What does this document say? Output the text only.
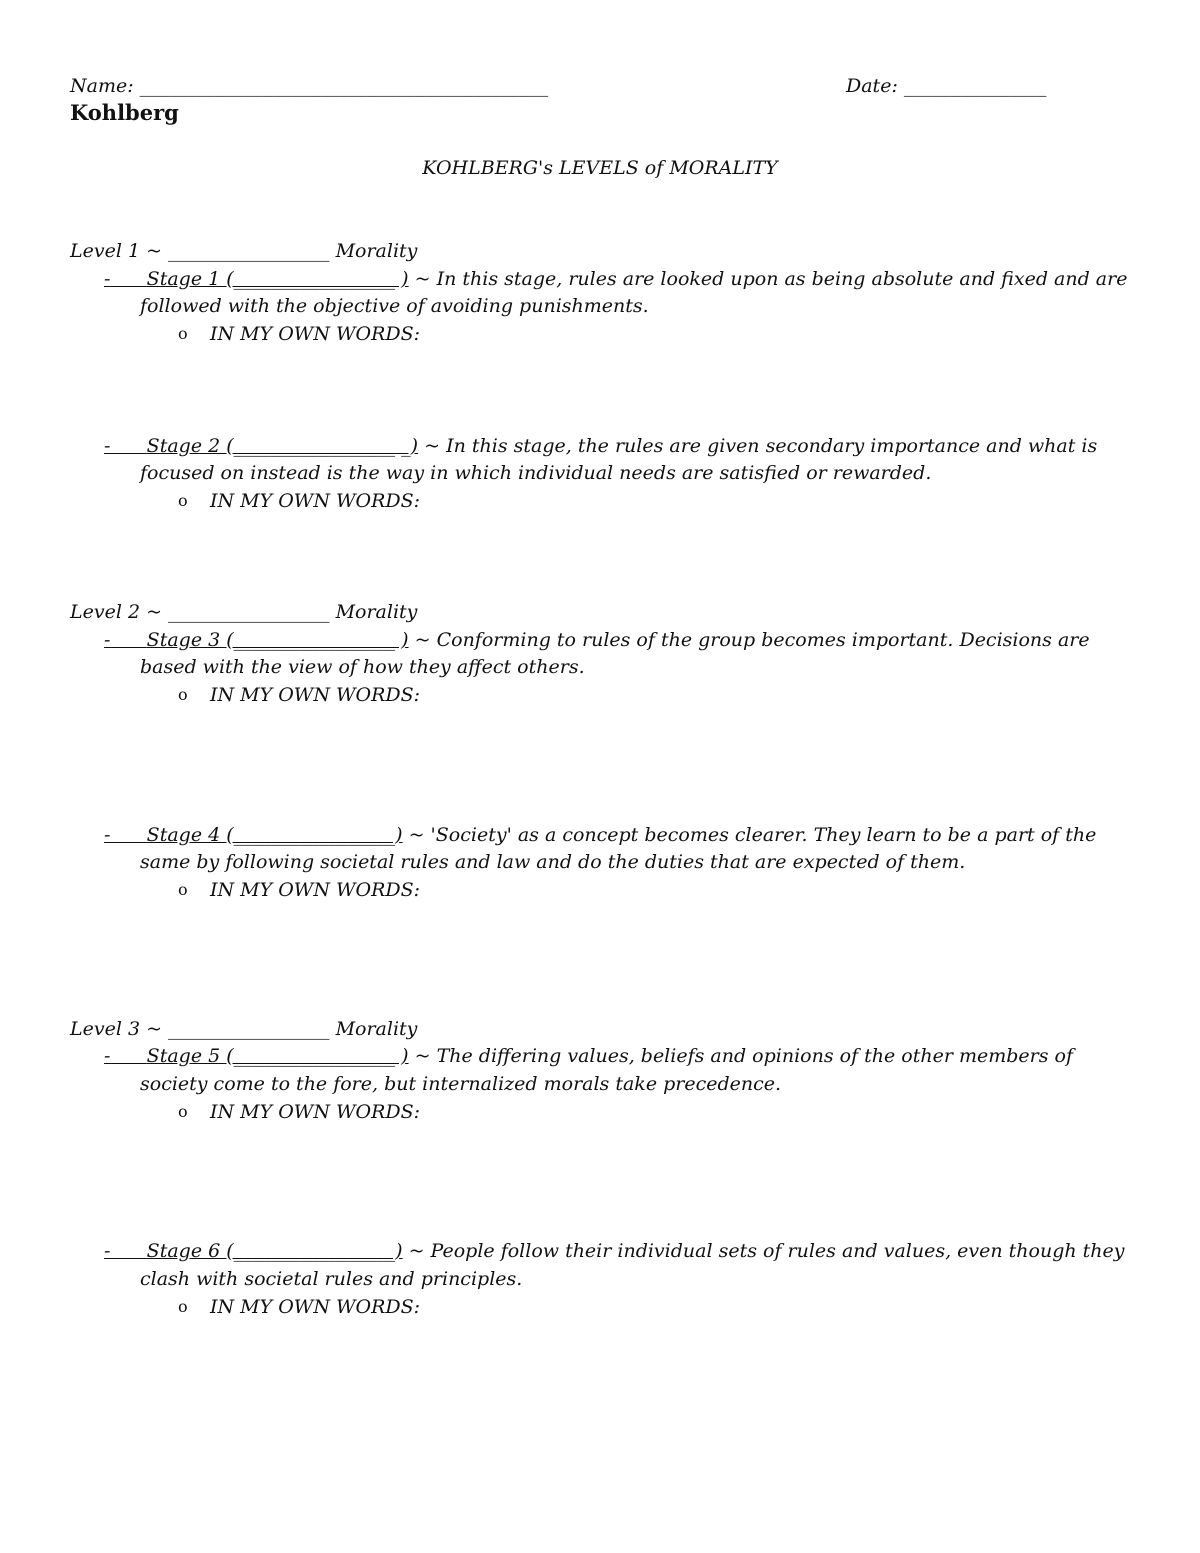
Name: ___________________________________________	Date: _______________
Kohlberg
KOHLBERG's LEVELS of MORALITY
Level 1 ~ _________________ Morality
- Stage 1 (_________________ ) ~ In this stage, rules are looked upon as being absolute and fixed and are
followed with the objective of avoiding punishments.
o IN MY OWN WORDS:
- Stage 2 (_________________ _) ~ In this stage, the rules are given secondary importance and what is
focused on instead is the way in which individual needs are satisfied or rewarded.
o IN MY OWN WORDS:
Level 2 ~ _________________ Morality
- Stage 3 (_________________ ) ~ Conforming to rules of the group becomes important. Decisions are
based with the view of how they affect others.
o IN MY OWN WORDS:
- Stage 4 (_________________) ~ 'Society' as a concept becomes clearer. They learn to be a part of the
same by following societal rules and law and do the duties that are expected of them.
o IN MY OWN WORDS:
Level 3 ~ _________________ Morality
- Stage 5 (_________________ ) ~ The differing values, beliefs and opinions of the other members of
society come to the fore, but internalized morals take precedence.
o IN MY OWN WORDS:
- Stage 6 (_________________) ~ People follow their individual sets of rules and values, even though they
clash with societal rules and principles.
o IN MY OWN WORDS:
